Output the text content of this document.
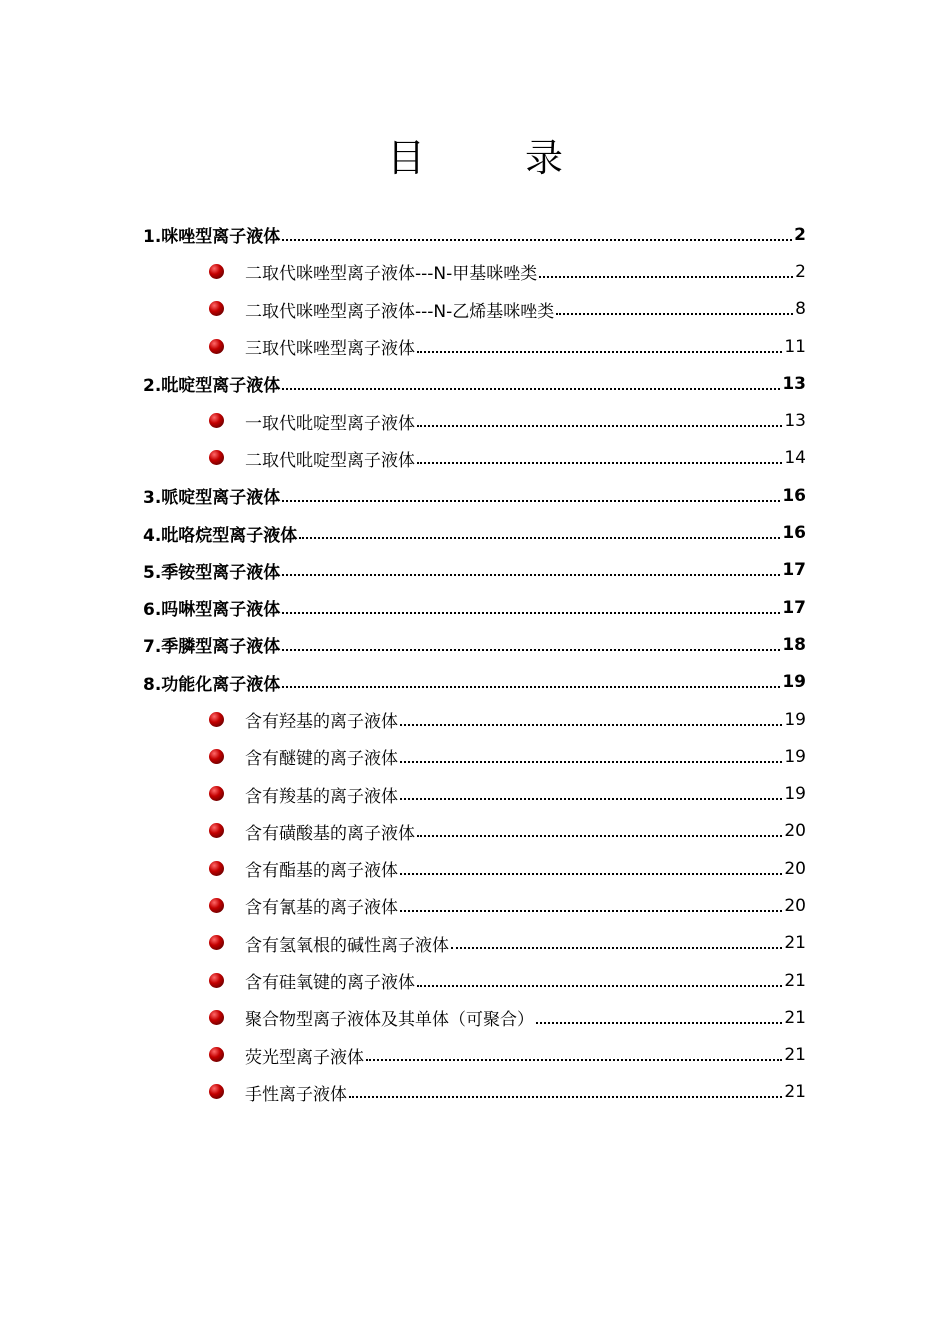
目 录
1.咪唑型离子液体	2
二取代咪唑型离子液体---N-甲基咪唑类	2
二取代咪唑型离子液体---N-乙烯基咪唑类	8
三取代咪唑型离子液体	11
2.吡啶型离子液体	13
一取代吡啶型离子液体	13
二取代吡啶型离子液体	14
3.哌啶型离子液体	16
4.吡咯烷型离子液体	16
5.季铵型离子液体	17
6.吗啉型离子液体	17
7.季膦型离子液体	18
8.功能化离子液体	19
含有羟基的离子液体	19
含有醚键的离子液体	19
含有羧基的离子液体	19
含有磺酸基的离子液体	20
含有酯基的离子液体	20
含有氰基的离子液体	20
含有氢氧根的碱性离子液体	21
含有硅氧键的离子液体	21
聚合物型离子液体及其单体（可聚合）	21
荧光型离子液体	21
手性离子液体	21
